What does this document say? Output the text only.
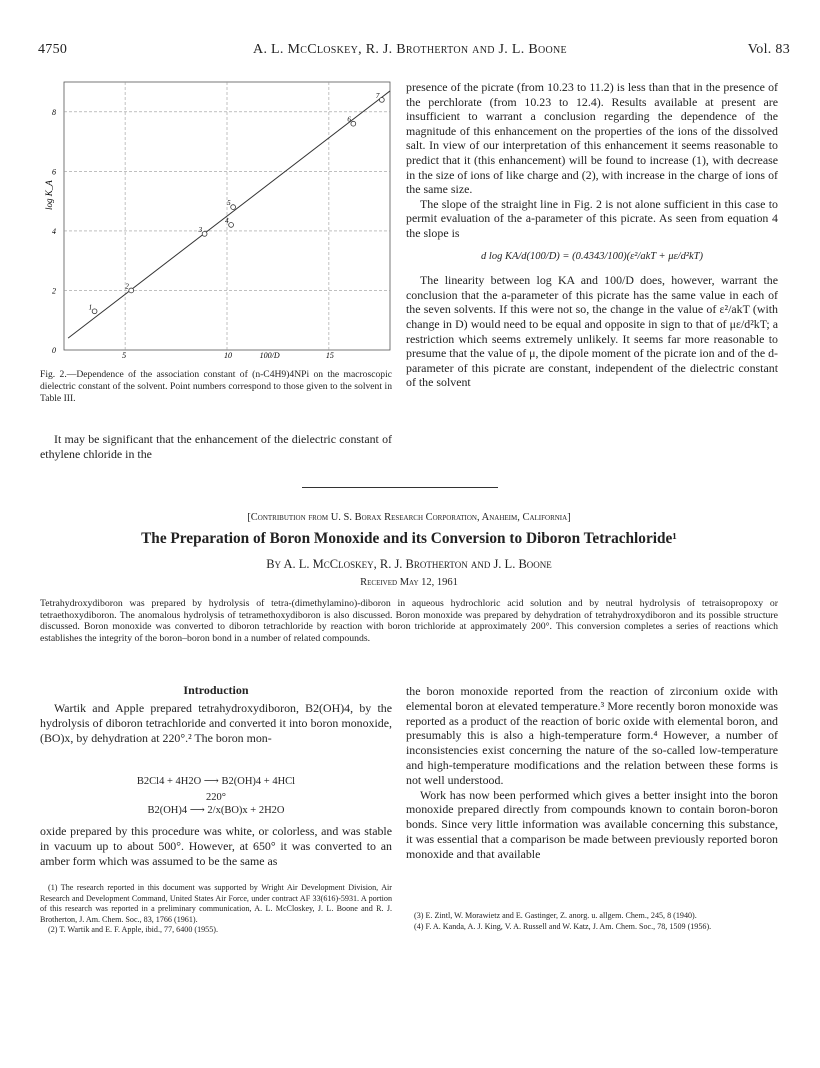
4750	A. L. McCloskey, R. J. Brotherton and J. L. Boone	Vol. 83
0
2
4
6
8
5	10	15
1
2
3
4
5
6
7
100/D
log K_A
Fig. 2.—Dependence of the association constant of (n-C4H9)4NPi on the macroscopic dielectric constant of the solvent. Point numbers correspond to those given to the solvent in Table III.

It may be significant that the enhancement of the dielectric constant of ethylene chloride in the

presence of the picrate (from 10.23 to 11.2) is less than that in the presence of the perchlorate (from 10.23 to 12.4). Results available at present are insufficient to warrant a conclusion regarding the dependence of the magnitude of this enhancement on the properties of the ions of the dissolved salt. In view of our interpretation of this enhancement it seems reasonable to predict that it (this enhancement) will be found to increase (1), with decrease in the size of ions of like charge and (2), with increase in the charge of ions of the same size.

The slope of the straight line in Fig. 2 is not alone sufficient in this case to permit evaluation of the a-parameter of this picrate. As seen from equation 4 the slope is

d log KA/d(100/D) = (0.4343/100)(ε²/akT + με/d²kT)

The linearity between log KA and 100/D does, however, warrant the conclusion that the a-parameter of this picrate has the same value in each of the seven solvents. If this were not so, the change in the value of ε²/akT (with change in D) would need to be equal and opposite in sign to that of με/d²kT; a restriction which seems extremely unlikely. It seems far more reasonable to presume that the value of μ, the dipole moment of the picrate ion and of the d-parameter of this picrate are constant, independent of the dielectric constant of the solvent

[Contribution from U. S. Borax Research Corporation, Anaheim, California]
The Preparation of Boron Monoxide and its Conversion to Diboron Tetrachloride¹
By A. L. McCloskey, R. J. Brotherton and J. L. Boone
Received May 12, 1961
Tetrahydroxydiboron was prepared by hydrolysis of tetra-(dimethylamino)-diboron in aqueous hydrochloric acid solution and by neutral hydrolysis of tetraisopropoxy or tetraethoxydiboron. The anomalous hydrolysis of tetramethoxydiboron is also discussed. Boron monoxide was prepared by dehydration of tetrahydroxydiboron and its possible structure discussed. Boron monoxide was converted to diboron tetrachloride by reaction with boron trichloride at approximately 200°. This conversion completes a series of reactions which establishes the integrity of the boron–boron bond in a number of related compounds.
Introduction

Wartik and Apple prepared tetrahydroxydiboron, B2(OH)4, by the hydrolysis of diboron tetrachloride and converted it into boron monoxide, (BO)x, by dehydration at 220°.² The boron mon-

B2Cl4 + 4H2O ⟶ B2(OH)4 + 4HCl
220°
B2(OH)4 ⟶ 2/x(BO)x + 2H2O

oxide prepared by this procedure was white, or colorless, and was stable in vacuum up to about 500°. However, at 650° it was converted to an amber form which was assumed to be the same as

(1) The research reported in this document was supported by Wright Air Development Division, Air Research and Development Command, United States Air Force, under contract AF 33(616)-5931. A portion of this research was reported in a preliminary communication, A. L. McCloskey, J. L. Boone and R. J. Brotherton, J. Am. Chem. Soc., 83, 1766 (1961).

(2) T. Wartik and E. F. Apple, ibid., 77, 6400 (1955).

the boron monoxide reported from the reaction of zirconium oxide with elemental boron at elevated temperature.³ More recently boron monoxide was reported as a product of the reaction of boric oxide with elemental boron, and presumably this is also a high-temperature form.⁴ However, a number of inconsistencies exist concerning the nature of the so-called low-temperature and high-temperature modifications and the relation between these forms is not well understood.

Work has now been performed which gives a better insight into the boron monoxide prepared directly from compounds known to contain boron-boron bonds. Since very little information was available concerning this substance, it was essential that a comparison be made between previously reported boron monoxide and that available

(3) E. Zintl, W. Morawietz and E. Gastinger, Z. anorg. u. allgem. Chem., 245, 8 (1940).

(4) F. A. Kanda, A. J. King, V. A. Russell and W. Katz, J. Am. Chem. Soc., 78, 1509 (1956).
